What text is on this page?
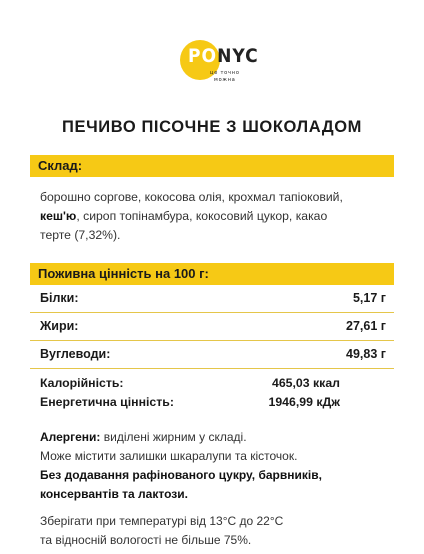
PONYC
це точно
можна
ПЕЧИВО ПІСОЧНЕ З ШОКОЛАДОМ
Склад:
борошно соргове, кокосова олія, крохмал тапіоковий,
кеш'ю, сироп топінамбура, кокосовий цукор, какао
терте (7,32%).
Поживна цінність на 100 г:
Білки:	5,17 г
Жири:	27,61 г
Вуглеводи:	49,83 г
Калорійність:	465,03 ккал
Енергетична цінність:	1946,99 кДж

Алергени: виділені жирним у складі.

Може містити залишки шкаралупи та кісточок.

Без додавання рафінованого цукру, барвників,

консервантів та лактози.

Зберігати при температурі від 13°С до 22°С
та відносній вологості не більше 75%.
